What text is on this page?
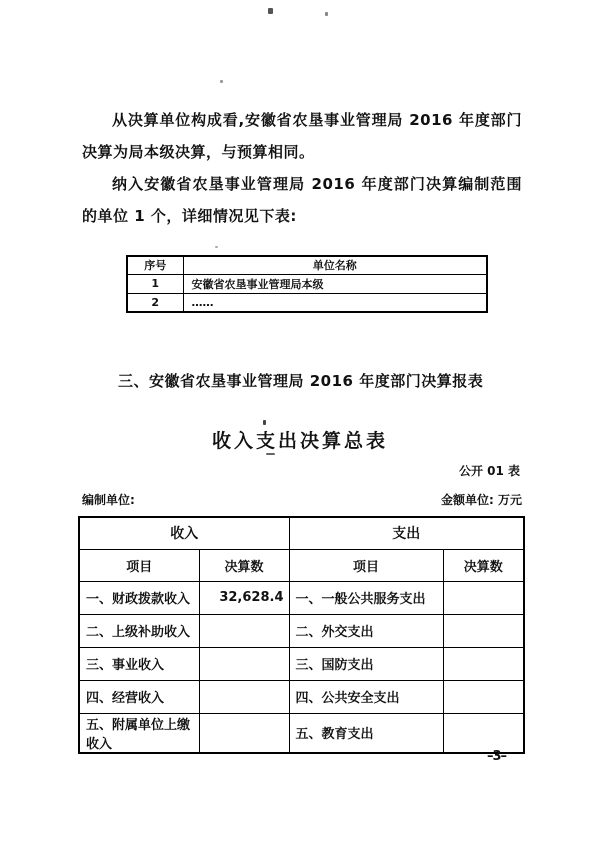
从决算单位构成看,安徽省农垦事业管理局 2016 年度部门决算为局本级决算，与预算相同。

纳入安徽省农垦事业管理局 2016 年度部门决算编制范围的单位 1 个，详细情况见下表:

序号	单位名称
1	安徽省农垦事业管理局本级
2	……
三、安徽省农垦事业管理局 2016 年度部门决算报表
收入支出决算总表
公开 01 表
编制单位:	金额单位: 万元
收入		支出	
项目	决算数	项目	决算数
一、财政拨款收入	32,628.4	一、一般公共服务支出	
二、上级补助收入		二、外交支出	
三、事业收入		三、国防支出	
四、经营收入		四、公共安全支出	
五、附属单位上缴收入		五、教育支出	
–3–
